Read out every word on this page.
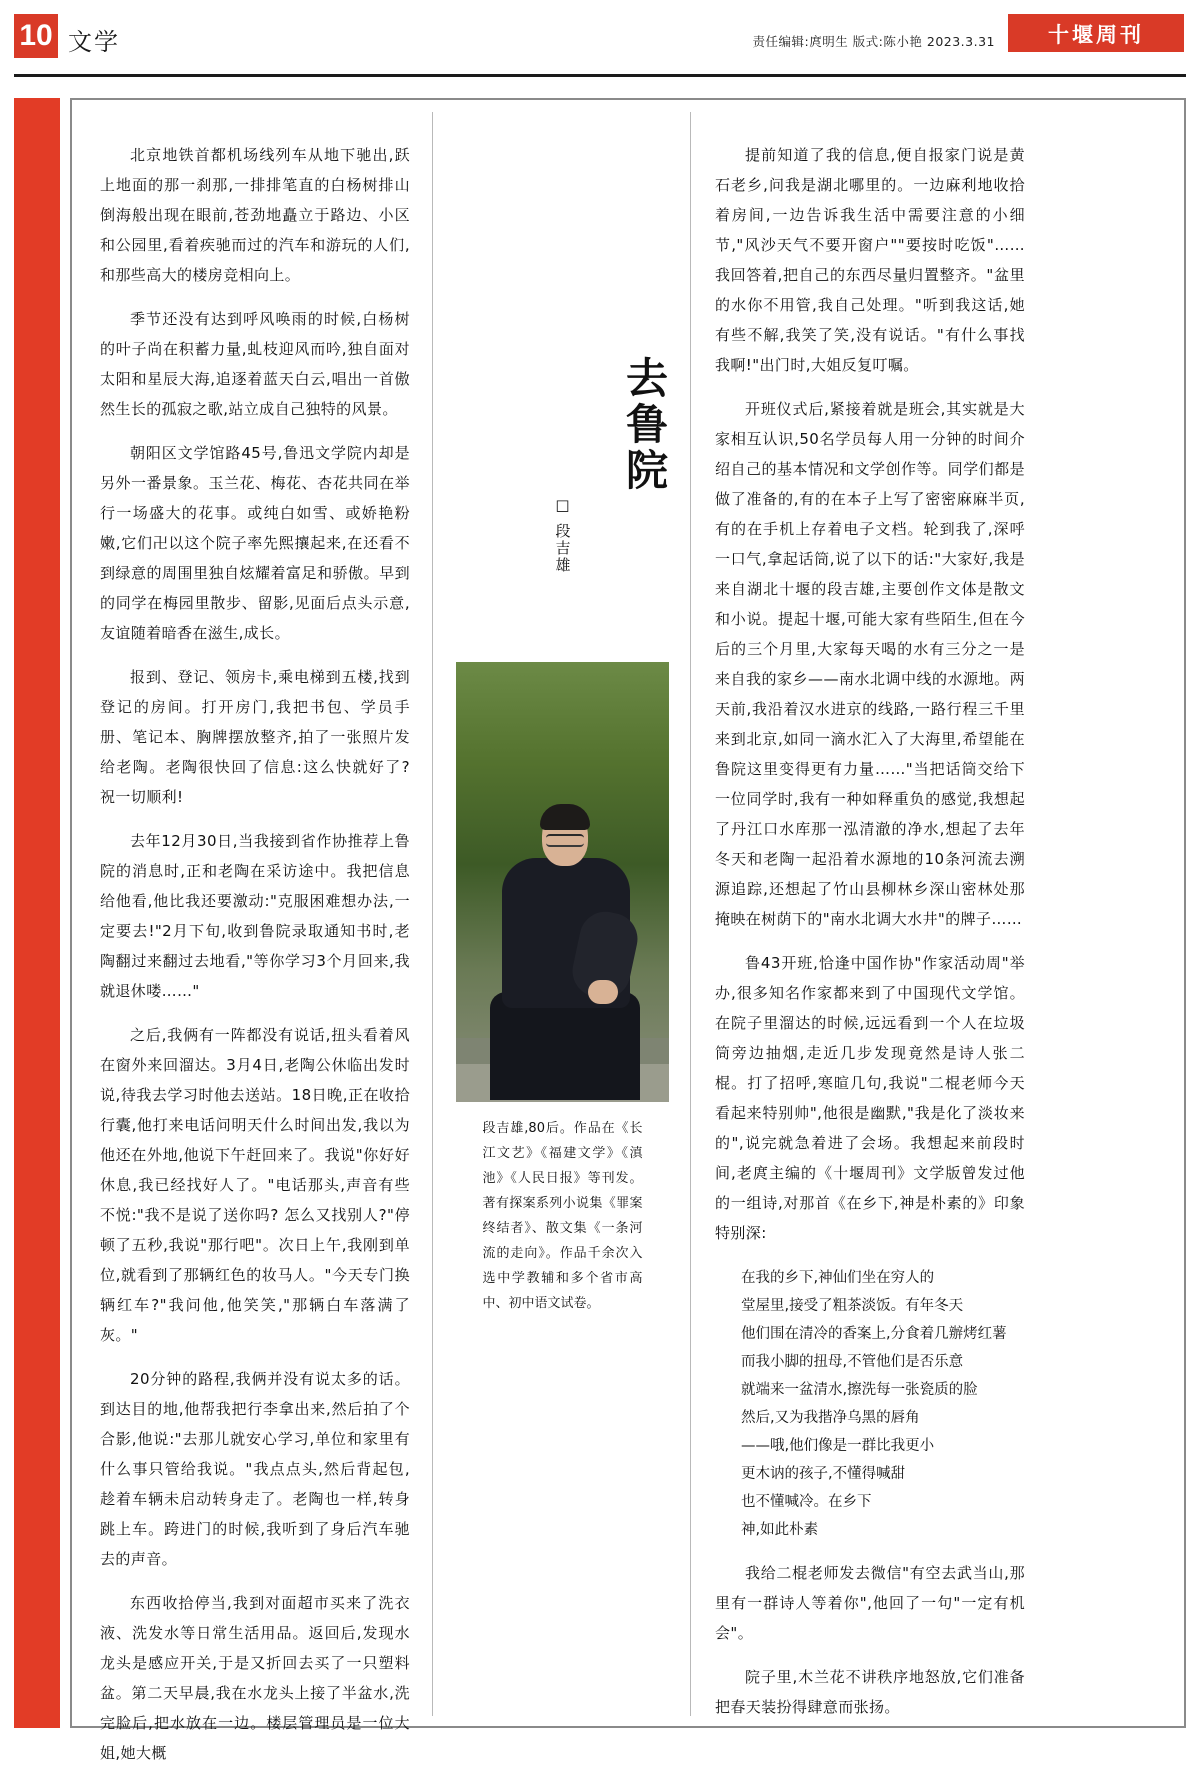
10 文学	责任编辑:庹明生 版式:陈小艳 2023.3.31	十堰周刊

北京地铁首都机场线列车从地下驰出,跃上地面的那一刹那,一排排笔直的白杨树排山倒海般出现在眼前,苍劲地矗立于路边、小区和公园里,看着疾驰而过的汽车和游玩的人们,和那些高大的楼房竞相向上。

季节还没有达到呼风唤雨的时候,白杨树的叶子尚在积蓄力量,虬枝迎风而吟,独自面对太阳和星辰大海,追逐着蓝天白云,唱出一首傲然生长的孤寂之歌,站立成自己独特的风景。

朝阳区文学馆路45号,鲁迅文学院内却是另外一番景象。玉兰花、梅花、杏花共同在举行一场盛大的花事。或纯白如雪、或娇艳粉嫩,它们卍以这个院子率先熙攘起来,在还看不到绿意的周围里独自炫耀着富足和骄傲。早到的同学在梅园里散步、留影,见面后点头示意,友谊随着暗香在滋生,成长。

报到、登记、领房卡,乘电梯到五楼,找到登记的房间。打开房门,我把书包、学员手册、笔记本、胸牌摆放整齐,拍了一张照片发给老陶。老陶很快回了信息:这么快就好了? 祝一切顺利!

去年12月30日,当我接到省作协推荐上鲁院的消息时,正和老陶在采访途中。我把信息给他看,他比我还要激动:"克服困难想办法,一定要去!"2月下旬,收到鲁院录取通知书时,老陶翻过来翻过去地看,"等你学习3个月回来,我就退休喽……"

之后,我俩有一阵都没有说话,扭头看着风在窗外来回溜达。3月4日,老陶公休临出发时说,待我去学习时他去送站。18日晚,正在收拾行囊,他打来电话问明天什么时间出发,我以为他还在外地,他说下午赶回来了。我说"你好好休息,我已经找好人了。"电话那头,声音有些不悦:"我不是说了送你吗? 怎么又找别人?"停顿了五秒,我说"那行吧"。次日上午,我刚到单位,就看到了那辆红色的妆马人。"今天专门换辆红车?"我问他,他笑笑,"那辆白车落满了灰。"

20分钟的路程,我俩并没有说太多的话。到达目的地,他帮我把行李拿出来,然后拍了个合影,他说:"去那儿就安心学习,单位和家里有什么事只管给我说。"我点点头,然后背起包,趁着车辆未启动转身走了。老陶也一样,转身跳上车。跨进门的时候,我听到了身后汽车驰去的声音。

东西收拾停当,我到对面超市买来了洗衣液、洗发水等日常生活用品。返回后,发现水龙头是感应开关,于是又折回去买了一只塑料盆。第二天早晨,我在水龙头上接了半盆水,洗完脸后,把水放在一边。楼层管理员是一位大姐,她大概

去鲁院
□ 段吉雄
段吉雄,80后。作品在《长江文艺》《福建文学》《滇池》《人民日报》等刊发。著有探案系列小说集《罪案终结者》、散文集《一条河流的走向》。作品千余次入选中学教辅和多个省市高中、初中语文试卷。

提前知道了我的信息,便自报家门说是黄石老乡,问我是湖北哪里的。一边麻利地收拾着房间,一边告诉我生活中需要注意的小细节,"风沙天气不要开窗户""要按时吃饭"……我回答着,把自己的东西尽量归置整齐。"盆里的水你不用管,我自己处理。"听到我这话,她有些不解,我笑了笑,没有说话。"有什么事找我啊!"出门时,大姐反复叮嘱。

开班仪式后,紧接着就是班会,其实就是大家相互认识,50名学员每人用一分钟的时间介绍自己的基本情况和文学创作等。同学们都是做了准备的,有的在本子上写了密密麻麻半页,有的在手机上存着电子文档。轮到我了,深呼一口气,拿起话筒,说了以下的话:"大家好,我是来自湖北十堰的段吉雄,主要创作文体是散文和小说。提起十堰,可能大家有些陌生,但在今后的三个月里,大家每天喝的水有三分之一是来自我的家乡——南水北调中线的水源地。两天前,我沿着汉水进京的线路,一路行程三千里来到北京,如同一滴水汇入了大海里,希望能在鲁院这里变得更有力量……"当把话筒交给下一位同学时,我有一种如释重负的感觉,我想起了丹江口水库那一泓清澈的净水,想起了去年冬天和老陶一起沿着水源地的10条河流去溯源追踪,还想起了竹山县柳林乡深山密林处那掩映在树荫下的"南水北调大水井"的牌子……

鲁43开班,恰逢中国作协"作家活动周"举办,很多知名作家都来到了中国现代文学馆。在院子里溜达的时候,远远看到一个人在垃圾筒旁边抽烟,走近几步发现竟然是诗人张二棍。打了招呼,寒暄几句,我说"二棍老师今天看起来特别帅",他很是幽默,"我是化了淡妆来的",说完就急着进了会场。我想起来前段时间,老庹主编的《十堰周刊》文学版曾发过他的一组诗,对那首《在乡下,神是朴素的》印象特别深:

在我的乡下,神仙们坐在穷人的
堂屋里,接受了粗茶淡饭。有年冬天
他们围在清冷的香案上,分食着几辦烤红薯
而我小脚的扭母,不管他们是否乐意
就端来一盆清水,擦洗每一张瓷质的脸
然后,又为我揩净乌黑的唇角
——哦,他们像是一群比我更小
更木讷的孩子,不懂得喊甜
也不懂喊冷。在乡下
神,如此朴素

我给二棍老师发去微信"有空去武当山,那里有一群诗人等着你",他回了一句"一定有机会"。

院子里,木兰花不讲秩序地怒放,它们准备把春天装扮得肆意而张扬。
